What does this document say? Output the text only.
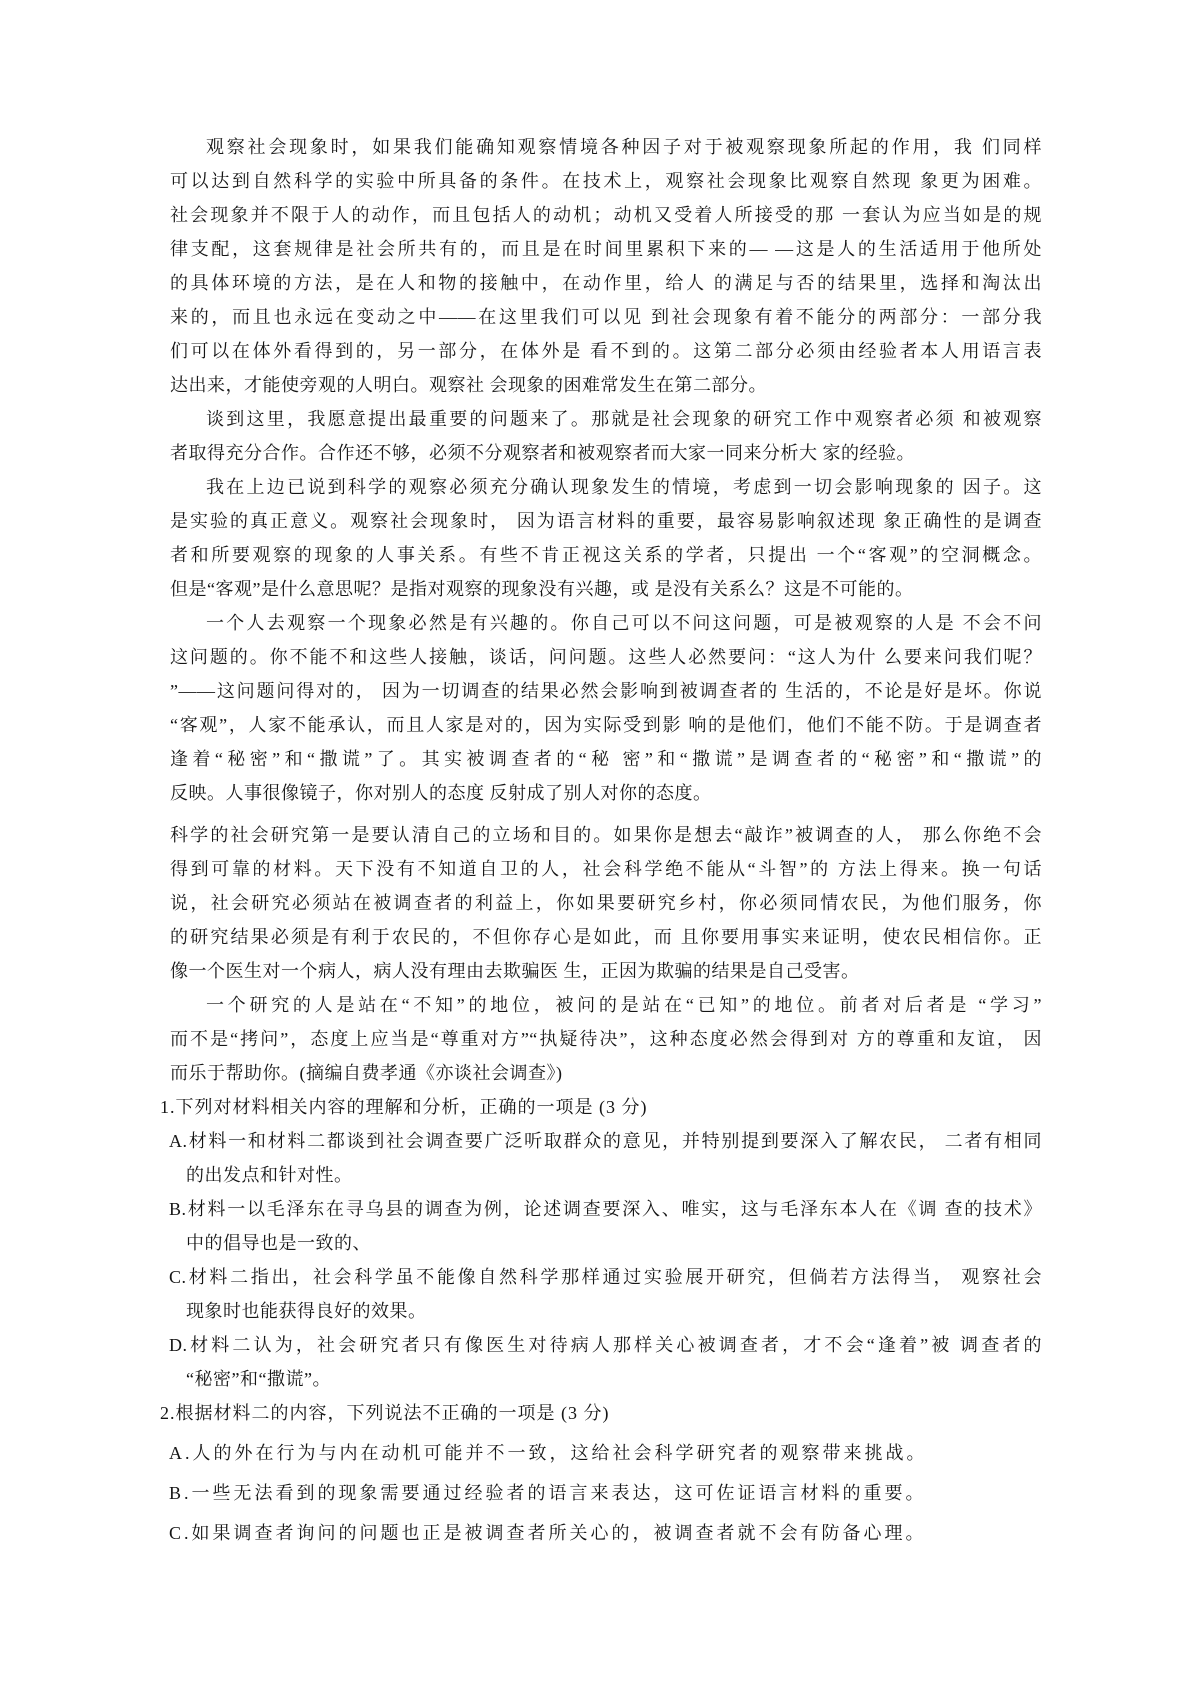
观察社会现象时，如果我们能确知观察情境各种因子对于被观察现象所起的作用，我 们同样
可以达到自然科学的实验中所具备的条件。在技术上，观察社会现象比观察自然现 象更为困难。
社会现象并不限于人的动作，而且包括人的动机；动机又受着人所接受的那 一套认为应当如是的规
律支配，这套规律是社会所共有的，而且是在时间里累积下来的— —这是人的生活适用于他所处
的具体环境的方法，是在人和物的接触中，在动作里，给人 的满足与否的结果里，选择和淘汰出
来的，而且也永远在变动之中——在这里我们可以见 到社会现象有着不能分的两部分：一部分我
们可以在体外看得到的，另一部分，在体外是 看不到的。这第二部分必须由经验者本人用语言表
达出来，才能使旁观的人明白。观察社 会现象的困难常发生在第二部分。
谈到这里，我愿意提出最重要的问题来了。那就是社会现象的研究工作中观察者必须 和被观察
者取得充分合作。合作还不够，必须不分观察者和被观察者而大家一同来分析大 家的经验。
我在上边已说到科学的观察必须充分确认现象发生的情境，考虑到一切会影响现象的 因子。这
是实验的真正意义。观察社会现象时， 因为语言材料的重要，最容易影响叙述现 象正确性的是调查
者和所要观察的现象的人事关系。有些不肯正视这关系的学者，只提出 一个“客观”的空洞概念。
但是“客观”是什么意思呢？是指对观察的现象没有兴趣，或 是没有关系么？这是不可能的。
一个人去观察一个现象必然是有兴趣的。你自己可以不问这问题，可是被观察的人是 不会不问
这问题的。你不能不和这些人接触，谈话，问问题。这些人必然要问：“这人为什 么要来问我们呢？
”——这问题问得对的， 因为一切调查的结果必然会影响到被调查者的 生活的，不论是好是坏。你说
“客观”，人家不能承认，而且人家是对的，因为实际受到影 响的是他们，他们不能不防。于是调查者
逢着“秘密”和“撒谎”了。其实被调查者的“秘 密”和“撒谎”是调查者的“秘密”和“撒谎”的
反映。人事很像镜子，你对别人的态度 反射成了别人对你的态度。
科学的社会研究第一是要认清自己的立场和目的。如果你是想去“敲诈”被调查的人， 那么你绝不会
得到可靠的材料。天下没有不知道自卫的人，社会科学绝不能从“斗智”的 方法上得来。换一句话
说，社会研究必须站在被调查者的利益上，你如果要研究乡村，你必须同情农民，为他们服务，你
的研究结果必须是有利于农民的，不但你存心是如此，而 且你要用事实来证明，使农民相信你。正
像一个医生对一个病人，病人没有理由去欺骗医 生，正因为欺骗的结果是自己受害。
一个研究的人是站在“不知”的地位，被问的是站在“已知”的地位。前者对后者是 “学习”
而不是“拷问”，态度上应当是“尊重对方”“执疑待决”，这种态度必然会得到对 方的尊重和友谊， 因
而乐于帮助你。(摘编自费孝通《亦谈社会调查》)
1.下列对材料相关内容的理解和分析，正确的一项是 (3 分)
A.材料一和材料二都谈到社会调查要广泛听取群众的意见，并特别提到要深入了解农民， 二者有相同
的出发点和针对性。
B.材料一以毛泽东在寻乌县的调查为例，论述调查要深入、唯实，这与毛泽东本人在《调 查的技术》
中的倡导也是一致的、
C.材料二指出，社会科学虽不能像自然科学那样通过实验展开研究，但倘若方法得当， 观察社会
现象时也能获得良好的效果。
D.材料二认为，社会研究者只有像医生对待病人那样关心被调查者，才不会“逢着”被 调查者的
“秘密”和“撒谎”。
2.根据材料二的内容，下列说法不正确的一项是 (3 分)
A.人的外在行为与内在动机可能并不一致，这给社会科学研究者的观察带来挑战。
B.一些无法看到的现象需要通过经验者的语言来表达，这可佐证语言材料的重要。
C.如果调查者询问的问题也正是被调查者所关心的，被调查者就不会有防备心理。
